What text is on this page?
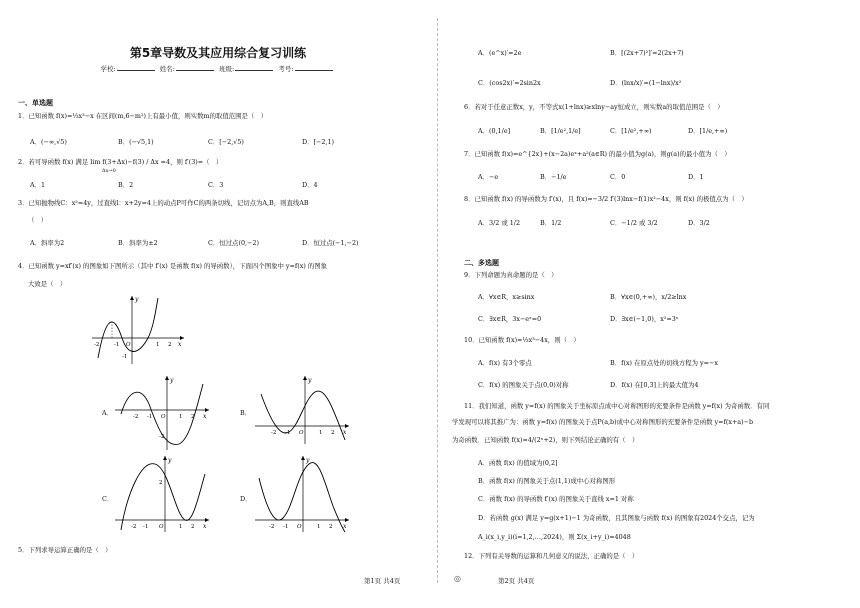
第5章导数及其应用综合复习训练
学校:	姓名:	班级:	考号:
一、单选题
1．已知函数 f(x)=⅓x³−x 在区间(m,6−m²)上有最小值，则实数m的取值范围是（　）
A．(−∞,√5)	B．(−√5,1)	C．[−2,√5)	D．[−2,1)
2．若可导函数 f(x) 满足 lim f(3+Δx)−f(3) / Δx =4，则 f′(3)=（　）
Δx→0
A．1	B．2	C．3	D．4
3．已知抛物线C：x²=4y，过直线l：x+2y=4上的动点P可作C的两条切线，记切点为A,B，则直线AB
（　）
A．斜率为2	B．斜率为±2	C．恒过点(0,−2)	D．恒过点(−1,−2)
4．已知函数 y=xf′(x) 的图象如下图所示（其中 f′(x) 是函数 f(x) 的导函数），下面四个图象中 y=f(x) 的图象
大致是（　）
x
y
-2	-1 O	1 2
-1
A．	x
y
-2 -1 O 1 2
-2
B．
x
y
-2 -1 O	1 2
C．
x
y
-2 -1 O	1 2
2
D．
x
y
-2 -1 O	1 2
5．下列求导运算正确的是（　）
第1页 共4页	◎
A．(e^x)′=2e	B．[(2x+7)²]′=2(2x+7)
C．(cos2x)′=2sin2x	D．(lnx/x)′=(1−lnx)/x²
6．若对于任意正数x，y，不等式x(1+lnx)≥xlny−ay恒成立，则实数a的取值范围是（　）
A．(0,1/e]	B．[1/e²,1/e]	C．[1/e²,+∞)	D．[1/e,+∞)
7．已知函数 f(x)=e^{2x}+(x−2a)eˣ+a²(a∈R) 的最小值为g(a)，则g(a)的最小值为（　）
A．−e	B．−1/e	C．0	D．1
8．已知函数 f(x) 的导函数为 f′(x)，且 f(x)=−3/2 f′(3)lnx−f(1)x²−4x，则 f(x) 的极值点为（　）
A．3/2 或 1/2	B．1/2	C．−1/2 或 3/2	D．3/2
二、多选题
9．下列命题为真命题的是（　）
A．∀x∈R，x≥sinx	B．∀x∈(0,+∞)，x/2≥lnx
C．∃x∈R，3x−eˣ=0	D．∃x∈(−1,0)，x²=3ˣ
10．已知函数 f(x)=⅓x³−4x，则（　）
A．f(x) 有3个零点	B．f(x) 在原点处的切线方程为 y=−x
C．f(x) 的图象关于点(0,0)对称	D．f(x) 在[0,3]上的最大值为4
11．我们知道，函数 y=f(x) 的图象关于坐标原点成中心对称图形的充要条件是函数 y=f(x) 为奇函数．有同
学发现可以将其推广为：函数 y=f(x) 的图象关于点P(a,b)成中心对称图形的充要条件是函数 y=f(x+a)−b
为奇函数．已知函数 f(x)=4/(2ˣ+2)，则下列结论正确的有（　）
A．函数 f(x) 的值域为(0,2]
B．函数 f(x) 的图象关于点(1,1)成中心对称图形
C．函数 f(x) 的导函数 f′(x) 的图象关于直线 x=1 对称
D．若函数 g(x) 满足 y=g(x+1)−1 为奇函数，且其图象与函数 f(x) 的图象有2024个交点，记为
A_i(x_i,y_i)(i=1,2,…,2024)，则 Σ(x_i+y_i)=4048
12．下列有关导数的运算和几何意义的说法，正确的是（　）
第2页 共4页
